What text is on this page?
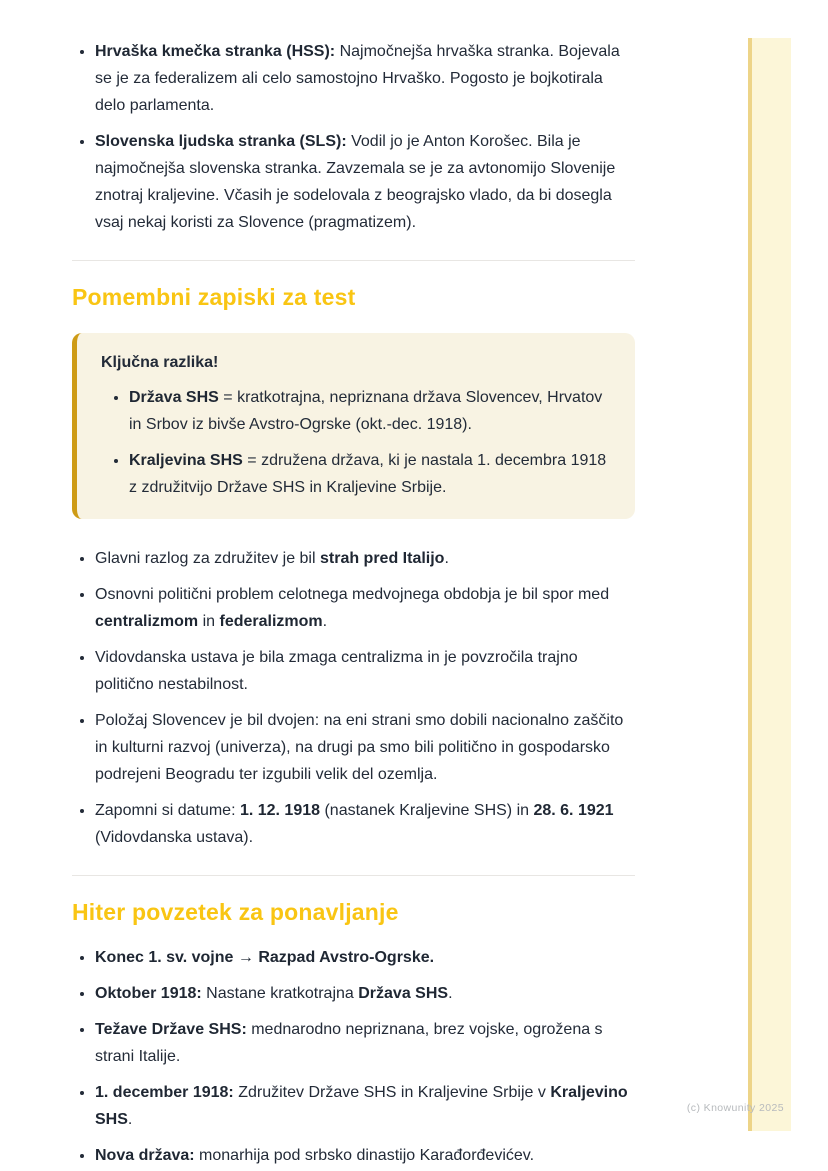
• Hrvaška kmečka stranka (HSS): Najmočnejša hrvaška stranka. Bojevala se je za federalizem ali celo samostojno Hrvaško. Pogosto je bojkotirala delo parlamenta.
• Slovenska ljudska stranka (SLS): Vodil jo je Anton Korošec. Bila je najmočnejša slovenska stranka. Zavzemala se je za avtonomijo Slovenije znotraj kraljevine. Včasih je sodelovala z beograjsko vlado, da bi dosegla vsaj nekaj koristi za Slovence (pragmatizem).
Pomembni zapiski za test

Ključna razlika!

• Država SHS = kratkotrajna, nepriznana država Slovencev, Hrvatov in Srbov iz bivše Avstro-Ogrske (okt.-dec. 1918).
• Kraljevina SHS = združena država, ki je nastala 1. decembra 1918 z združitvijo Države SHS in Kraljevine Srbije.
• Glavni razlog za združitev je bil strah pred Italijo.
• Osnovni politični problem celotnega medvojnega obdobja je bil spor med centralizmom in federalizmom.
• Vidovdanska ustava je bila zmaga centralizma in je povzročila trajno politično nestabilnost.
• Položaj Slovencev je bil dvojen: na eni strani smo dobili nacionalno zaščito in kulturni razvoj (univerza), na drugi pa smo bili politično in gospodarsko podrejeni Beogradu ter izgubili velik del ozemlja.
• Zapomni si datume: 1. 12. 1918 (nastanek Kraljevine SHS) in 28. 6. 1921 (Vidovdanska ustava).
Hiter povzetek za ponavljanje
• Konec 1. sv. vojne → Razpad Avstro-Ogrske.
• Oktober 1918: Nastane kratkotrajna Država SHS.
• Težave Države SHS: mednarodno nepriznana, brez vojske, ogrožena s strani Italije.
• 1. december 1918: Združitev Države SHS in Kraljevine Srbije v Kraljevino SHS.
• Nova država: monarhija pod srbsko dinastijo Karađorđevićev.
(c) Knowunity 2025
